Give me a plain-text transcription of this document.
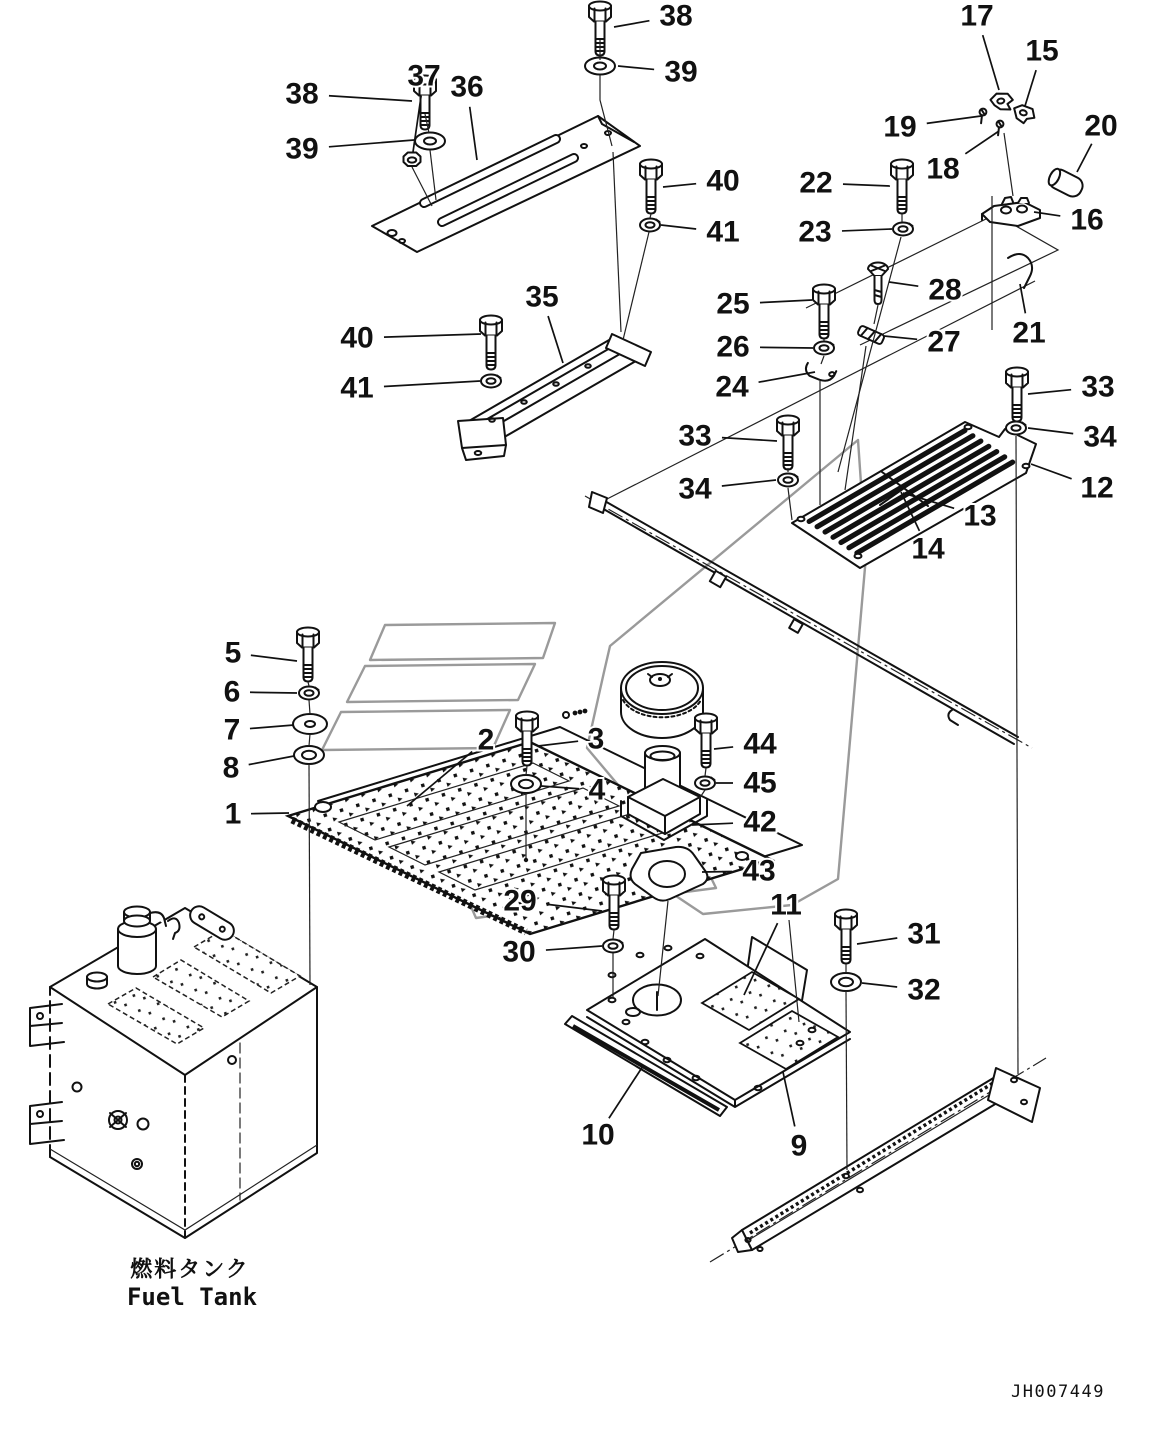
38
39
38
37 36
39
17
15
19
18
20
16
22
23
40
41
28
27
25
26
24
21
35
40
41	33
34
12
13
14
33
34
5
6
7
8
1
2	3
4
44
45
42
43
29
30
11
31
32
10	9
燃料タンク
Fuel Tank
JH007449
